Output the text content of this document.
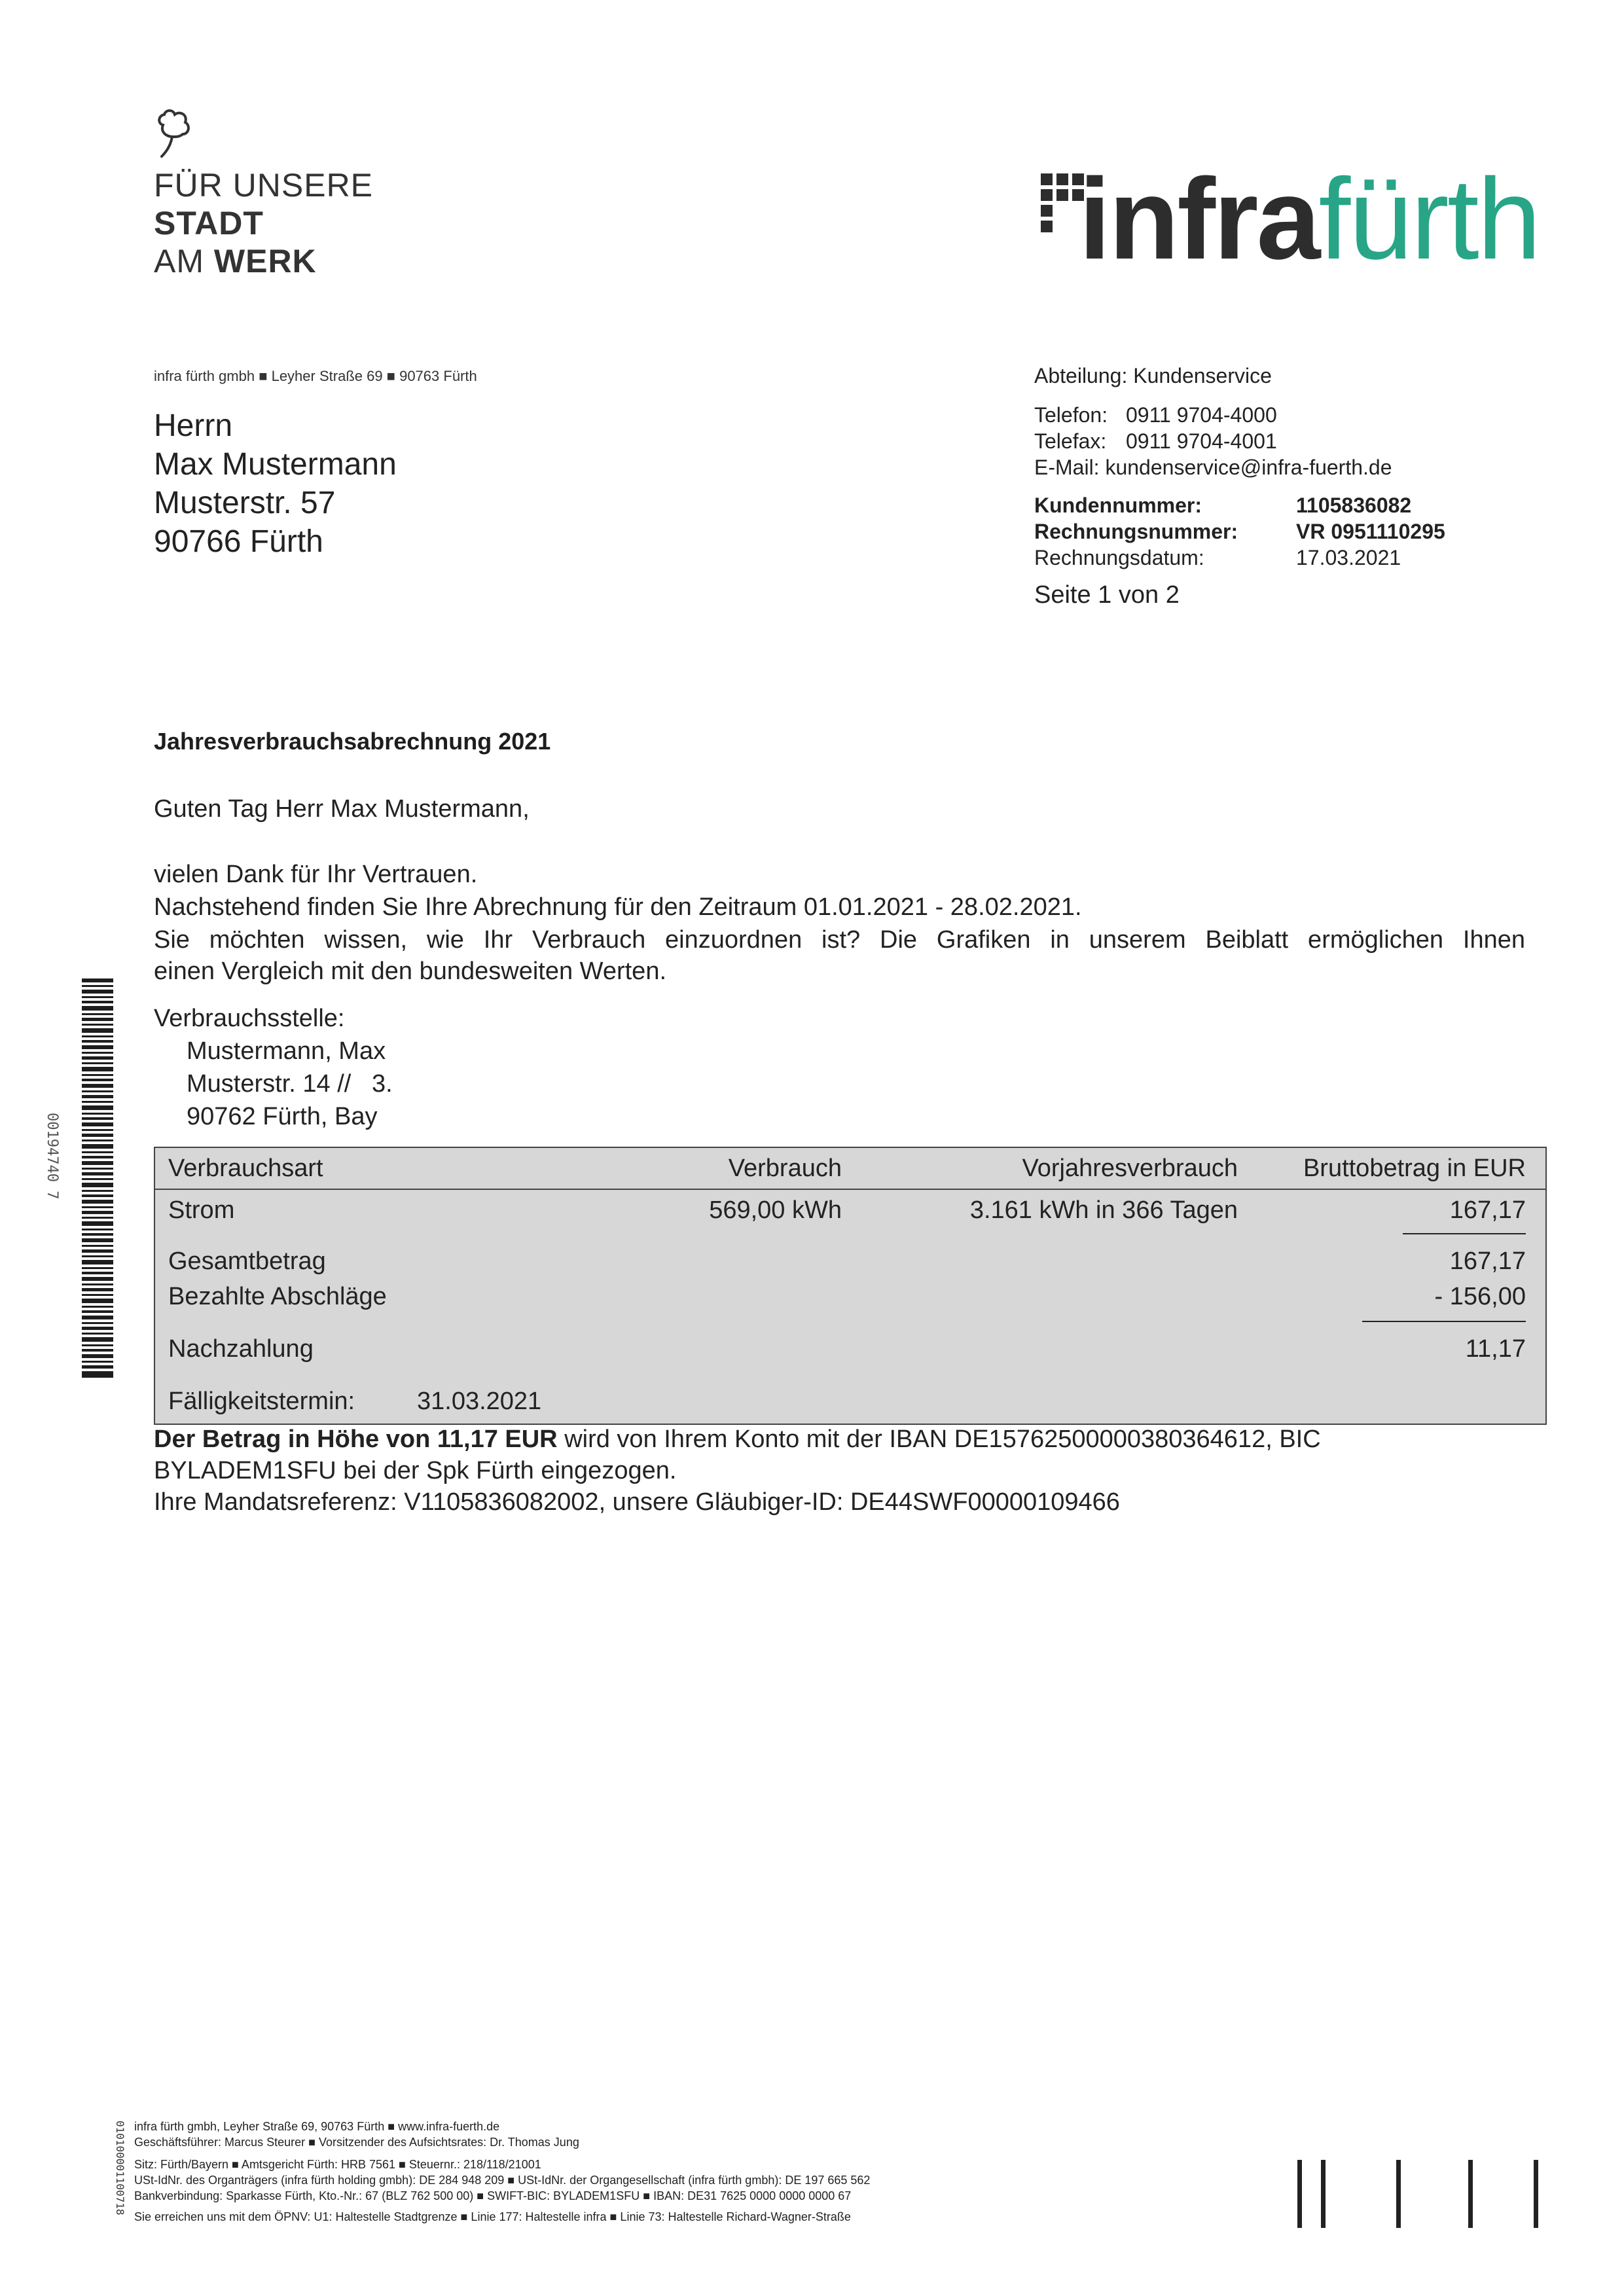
FÜR UNSERE
STADT
AM WERK	infrafürth
infra fürth gmbh ■ Leyher Straße 69 ■ 90763 Fürth
Herrn
Max Mustermann
Musterstr. 57
90766 Fürth
Abteilung: Kundenservice
Telefon: 0911 9704-4000
Telefax: 0911 9704-4001
E-Mail: kundenservice@infra-fuerth.de
Kundennummer:	1105836082
Rechnungsnummer:	VR 0951110295
Rechnungsdatum:	17.03.2021
Seite 1 von 2
Jahresverbrauchsabrechnung 2021
Guten Tag Herr Max Mustermann,
vielen Dank für Ihr Vertrauen.
Nachstehend finden Sie Ihre Abrechnung für den Zeitraum 01.01.2021 - 28.02.2021.
Sie möchten wissen, wie Ihr Verbrauch einzuordnen ist? Die Grafiken in unserem Beiblatt ermöglichen Ihnen
einen Vergleich mit den bundesweiten Werten.
Verbrauchsstelle:
Mustermann, Max
Musterstr. 14 //   3.
90762 Fürth, Bay
00194740 7	Verbrauchsart	Verbrauch	Vorjahresverbrauch	Bruttobetrag in EUR
Strom	569,00 kWh	3.161 kWh in 366 Tagen	167,17
Gesamtbetrag	167,17
Bezahlte Abschläge	- 156,00
Nachzahlung	11,17
Fälligkeitstermin: 31.03.2021
Der Betrag in Höhe von 11,17 EUR wird von Ihrem Konto mit der IBAN DE15762500000380364612, BIC
BYLADEM1SFU bei der Spk Fürth eingezogen.
Ihre Mandatsreferenz: V1105836082002, unsere Gläubiger-ID: DE44SWF00000109466
010100001100718 infra fürth gmbh, Leyher Straße 69, 90763 Fürth ■ www.infra-fuerth.de
Geschäftsführer: Marcus Steurer ■ Vorsitzender des Aufsichtsrates: Dr. Thomas Jung
Sitz: Fürth/Bayern ■ Amtsgericht Fürth: HRB 7561 ■ Steuernr.: 218/118/21001
USt-IdNr. des Organträgers (infra fürth holding gmbh): DE 284 948 209 ■ USt-IdNr. der Organgesellschaft (infra fürth gmbh): DE 197 665 562
Bankverbindung: Sparkasse Fürth, Kto.-Nr.: 67 (BLZ 762 500 00) ■ SWIFT-BIC: BYLADEM1SFU ■ IBAN: DE31 7625 0000 0000 0000 67
Sie erreichen uns mit dem ÖPNV: U1: Haltestelle Stadtgrenze ■ Linie 177: Haltestelle infra ■ Linie 73: Haltestelle Richard-Wagner-Straße
